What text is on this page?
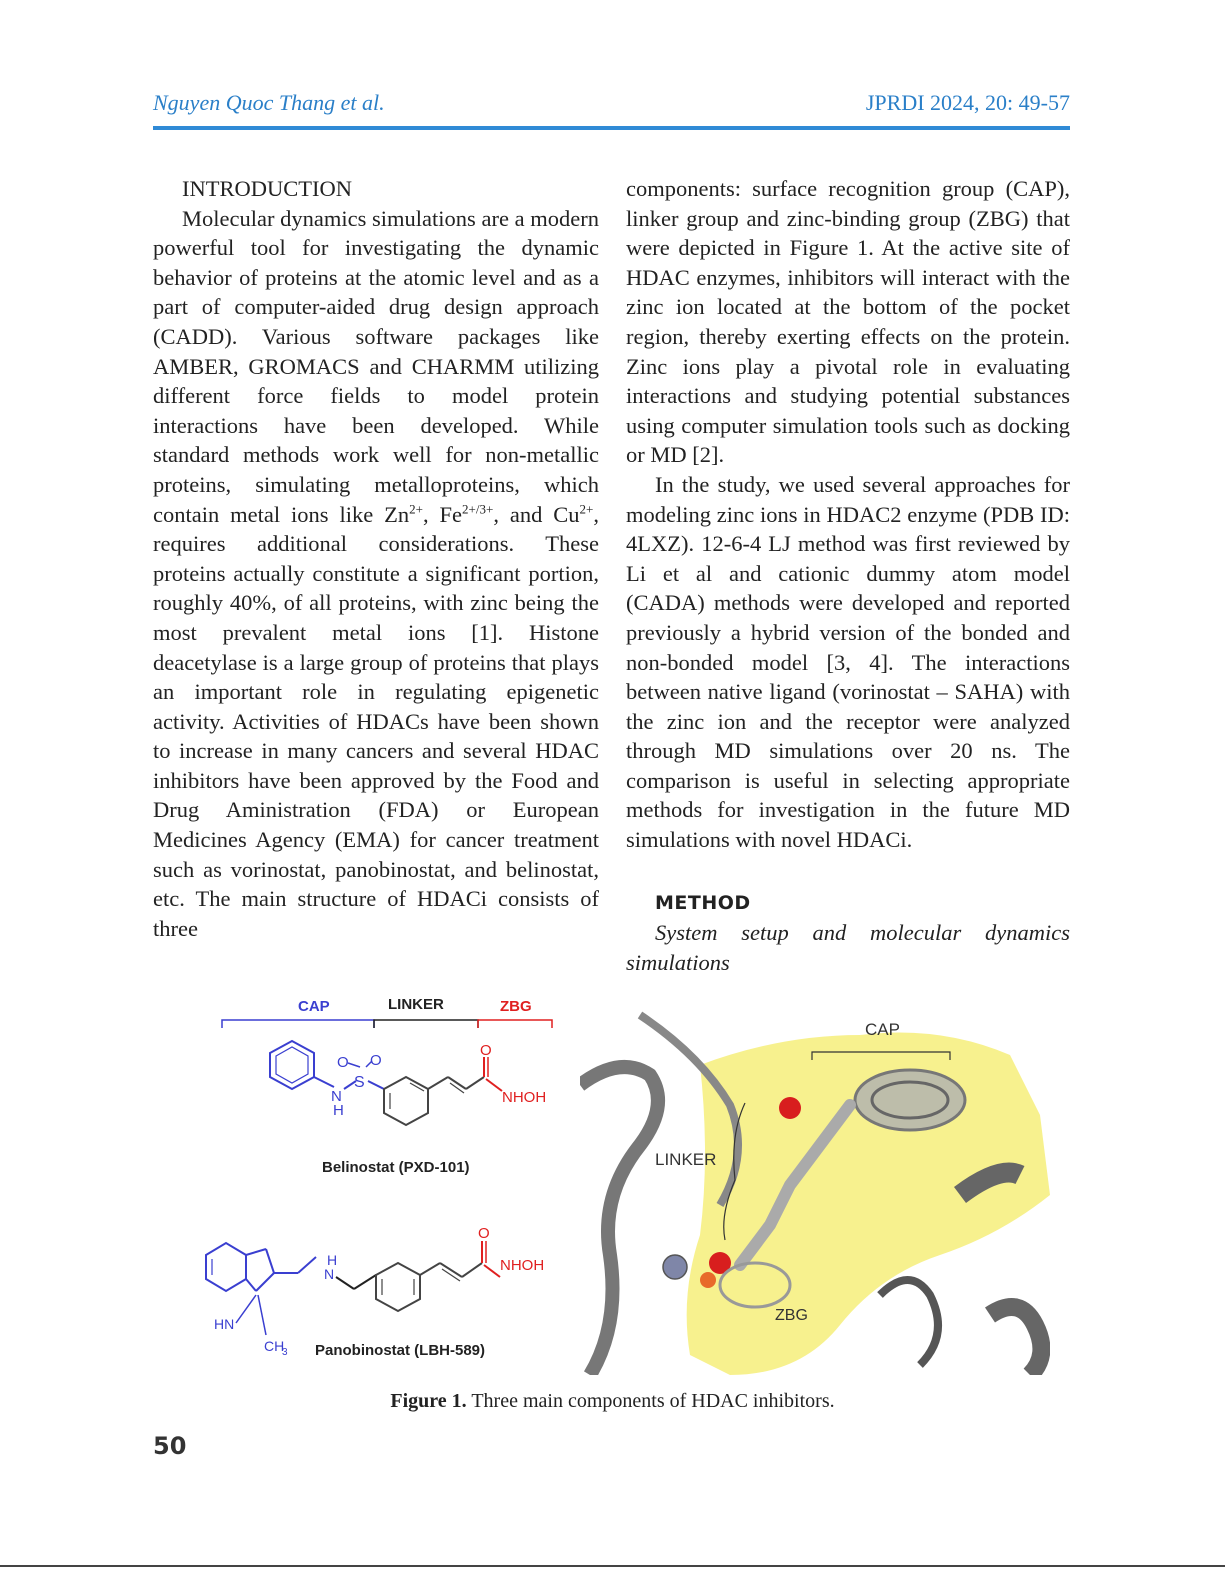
Nguyen Quoc Thang et al.	JPRDI 2024, 20: 49-57

INTRODUCTION

Molecular dynamics simulations are a modern powerful tool for investigating the dynamic behavior of proteins at the atomic level and as a part of computer-aided drug design approach (CADD). Various software packages like AMBER, GROMACS and CHARMM utilizing different force fields to model protein interactions have been developed. While standard methods work well for non-metallic proteins, simulating metalloproteins, which contain metal ions like $Zn^{2+}$, $Fe^{2+/3+}$, and $Cu^{2+}$, requires additional considerations. These proteins actually constitute a significant portion, roughly 40%, of all proteins, with zinc being the most prevalent metal ions [1]. Histone deacetylase is a large group of proteins that plays an important role in regulating epigenetic activity. Activities of HDACs have been shown to increase in many cancers and several HDAC inhibitors have been approved by the Food and Drug Aministration (FDA) or European Medicines Agency (EMA) for cancer treatment such as vorinostat, panobinostat, and belinostat, etc. The main structure of HDACi consists of three

components: surface recognition group (CAP), linker group and zinc-binding group (ZBG) that were depicted in Figure 1. At the active site of HDAC enzymes, inhibitors will interact with the zinc ion located at the bottom of the pocket region, thereby exerting effects on the protein. Zinc ions play a pivotal role in evaluating interactions and studying potential substances using computer simulation tools such as docking or MD [2].

In the study, we used several approaches for modeling zinc ions in HDAC2 enzyme (PDB ID: 4LXZ). 12-6-4 LJ method was first reviewed by Li et al and cationic dummy atom model (CADA) methods were developed and reported previously a hybrid version of the bonded and non-bonded model [3, 4]. The interactions between native ligand (vorinostat – SAHA) with the zinc ion and the receptor were analyzed through MD simulations over 20 ns. The comparison is useful in selecting appropriate methods for investigation in the future MD simulations with novel HDACi.

METHOD

System setup and molecular dynamics simulations

CAP	LINKER	ZBG
N
H
S
O O
O
NHOH
Belinostat (PXD-101)
HN
CH
3
H
N
O
NHOH
Panobinostat (LBH-589)
CAP
LINKER
ZBG
Figure 1. Three main components of HDAC inhibitors.
50
